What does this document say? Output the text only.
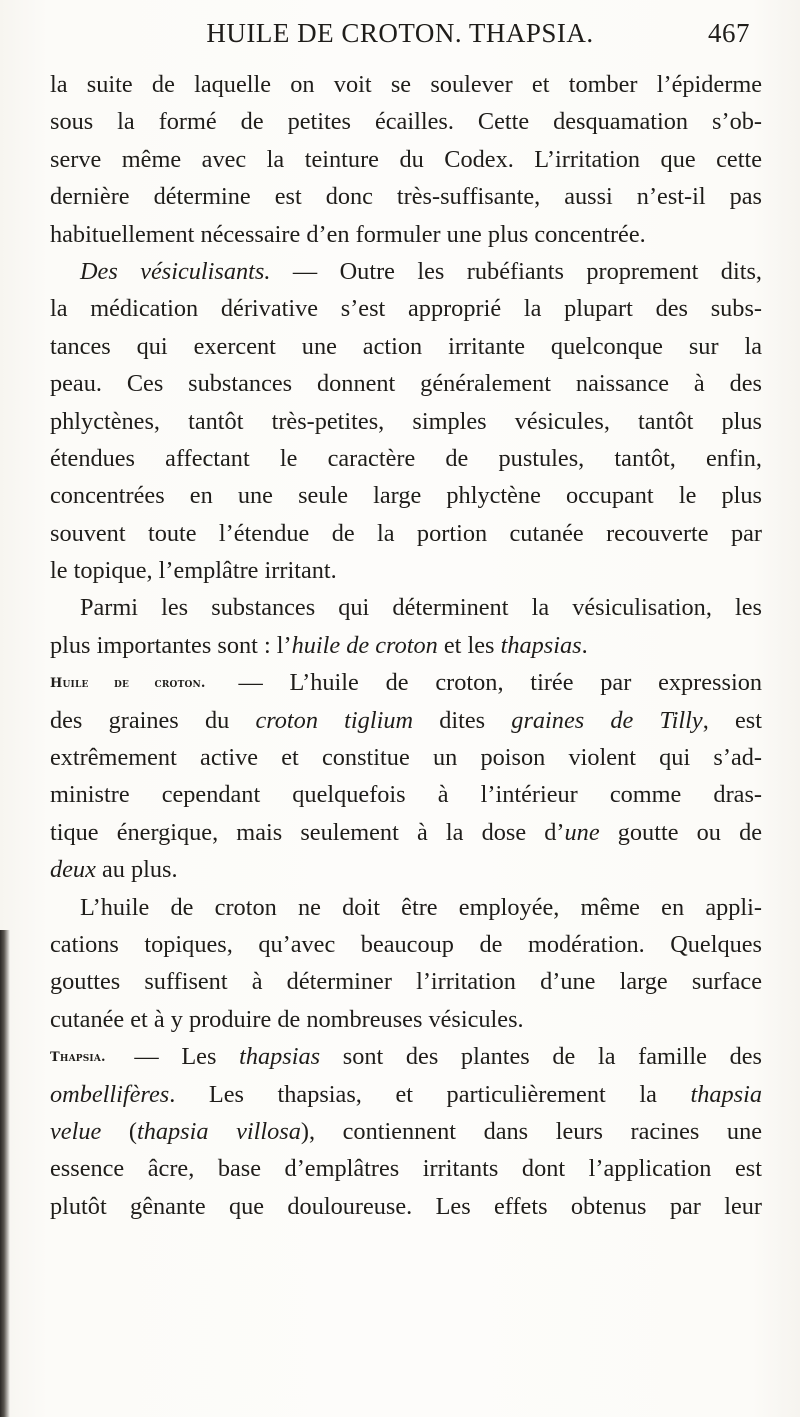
HUILE DE CROTON. THAPSIA.	467
la suite de laquelle on voit se soulever et tomber l’épiderme
sous la formé de petites écailles. Cette desquamation s’ob-
serve même avec la teinture du Codex. L’irritation que cette
dernière détermine est donc très-suffisante, aussi n’est-il pas
habituellement nécessaire d’en formuler une plus concentrée.
Des vésiculisants. — Outre les rubéfiants proprement dits,
la médication dérivative s’est approprié la plupart des subs-
tances qui exercent une action irritante quelconque sur la
peau. Ces substances donnent généralement naissance à des
phlyctènes, tantôt très-petites, simples vésicules, tantôt plus
étendues affectant le caractère de pustules, tantôt, enfin,
concentrées en une seule large phlyctène occupant le plus
souvent toute l’étendue de la portion cutanée recouverte par
le topique, l’emplâtre irritant.
Parmi les substances qui déterminent la vésiculisation, les
plus importantes sont : l’huile de croton et les thapsias.
Huile de croton. — L’huile de croton, tirée par expression
des graines du croton tiglium dites graines de Tilly, est
extrêmement active et constitue un poison violent qui s’ad-
ministre cependant quelquefois à l’intérieur comme dras-
tique énergique, mais seulement à la dose d’une goutte ou de
deux au plus.
L’huile de croton ne doit être employée, même en appli-
cations topiques, qu’avec beaucoup de modération. Quelques
gouttes suffisent à déterminer l’irritation d’une large surface
cutanée et à y produire de nombreuses vésicules.
Thapsia. — Les thapsias sont des plantes de la famille des
ombellifères. Les thapsias, et particulièrement la thapsia
velue (thapsia villosa), contiennent dans leurs racines une
essence âcre, base d’emplâtres irritants dont l’application est
plutôt gênante que douloureuse. Les effets obtenus par leur
